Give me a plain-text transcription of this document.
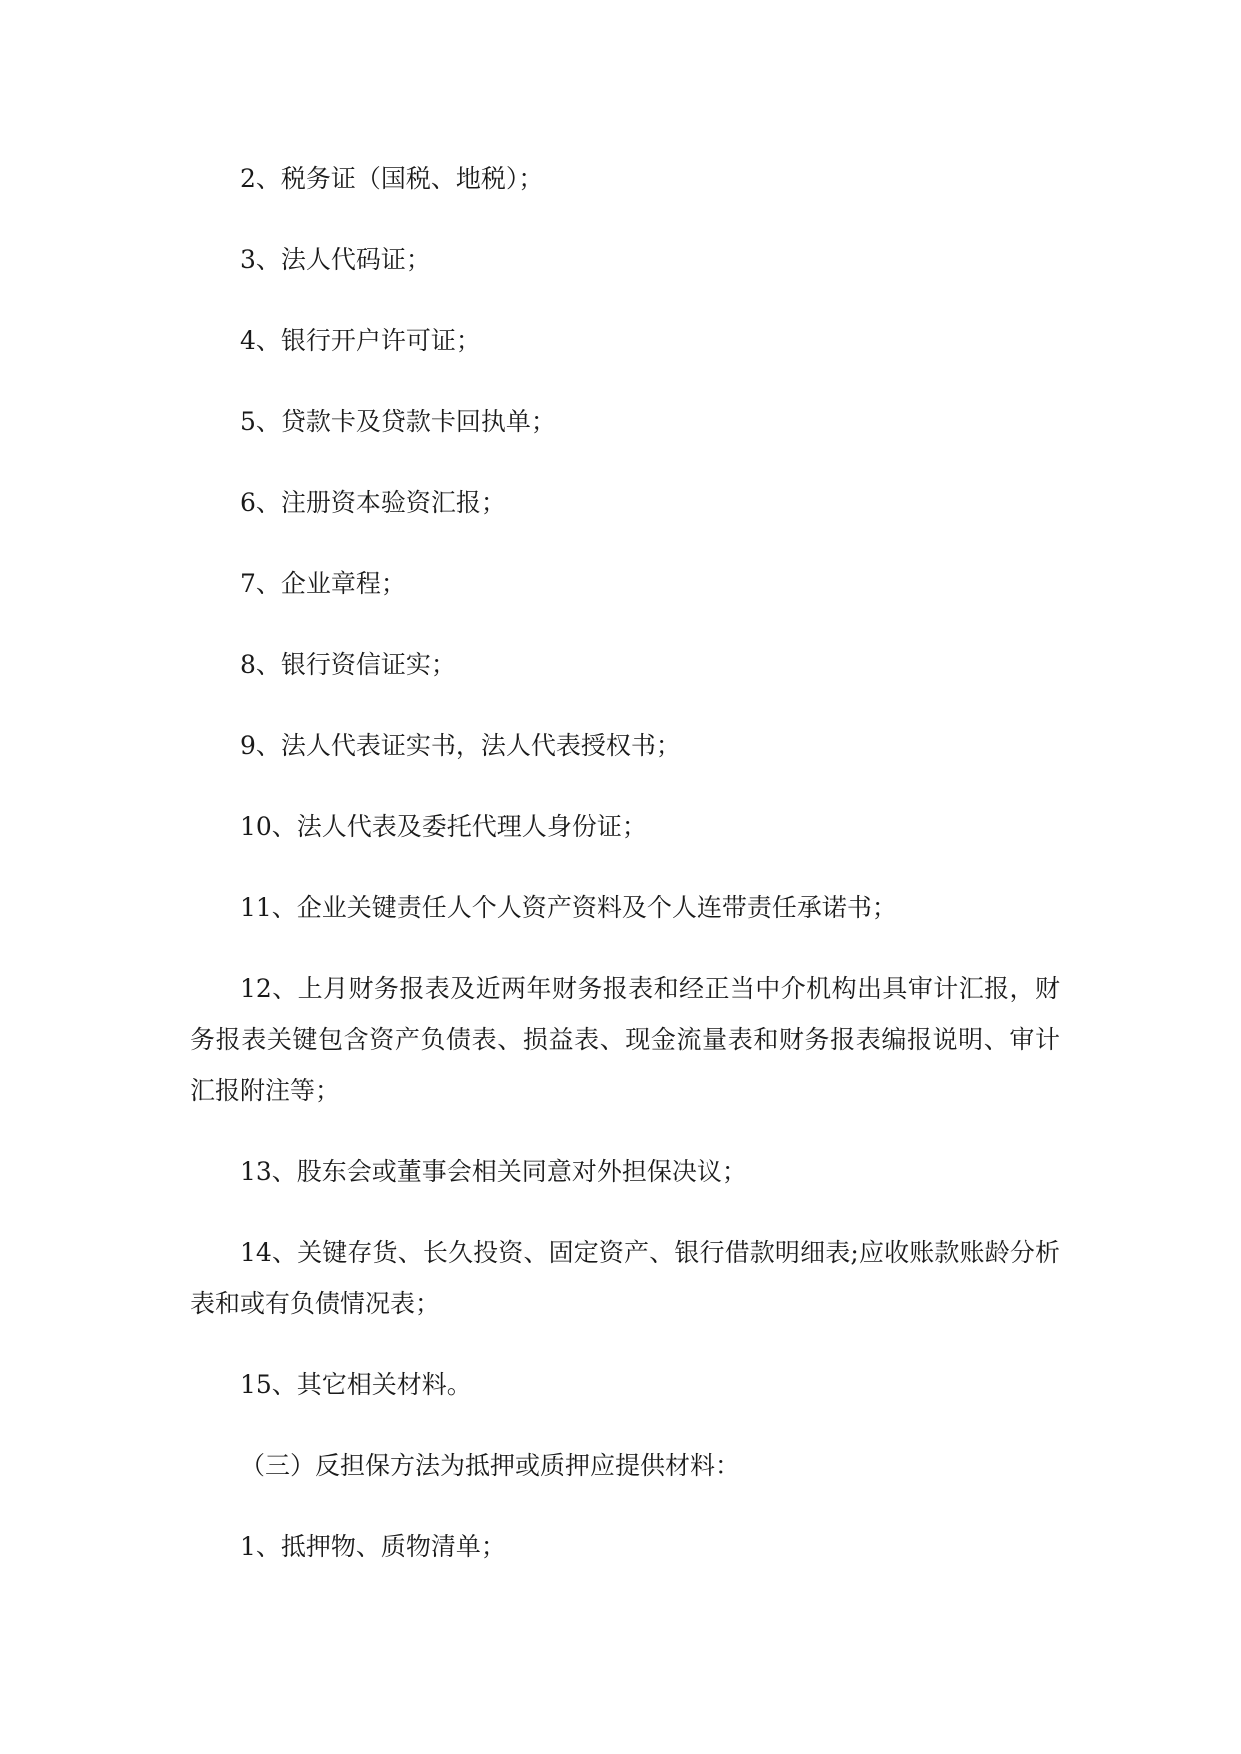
2、税务证（国税、地税）；

3、法人代码证；

4、银行开户许可证；

5、贷款卡及贷款卡回执单；

6、注册资本验资汇报；

7、企业章程；

8、银行资信证实；

9、法人代表证实书，法人代表授权书；

10、法人代表及委托代理人身份证；

11、企业关键责任人个人资产资料及个人连带责任承诺书；

12、上月财务报表及近两年财务报表和经正当中介机构出具审计汇报，财务报表关键包含资产负债表、损益表、现金流量表和财务报表编报说明、审计汇报附注等；

13、股东会或董事会相关同意对外担保决议；

14、关键存货、长久投资、固定资产、银行借款明细表;应收账款账龄分析表和或有负债情况表；

15、其它相关材料。

（三）反担保方法为抵押或质押应提供材料：

1、抵押物、质物清单；
